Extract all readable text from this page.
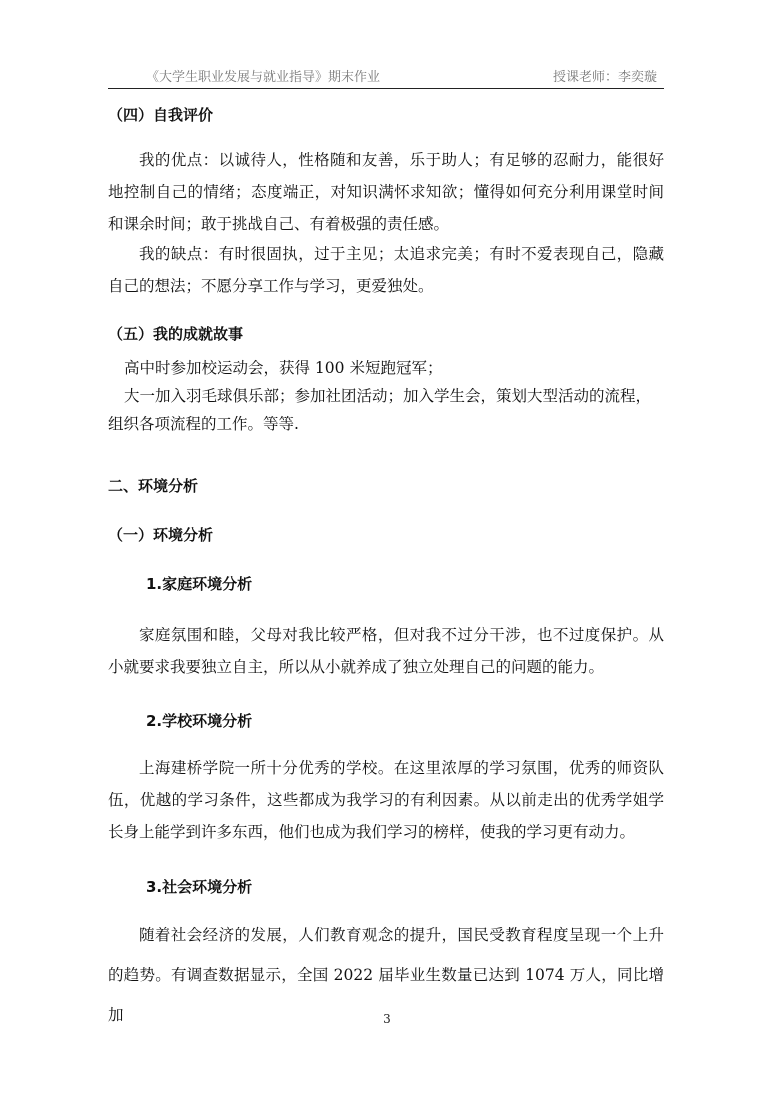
《大学生职业发展与就业指导》期末作业	授课老师：李奕璇
（四）自我评价
我的优点：以诚待人，性格随和友善，乐于助人；有足够的忍耐力，能很好地控制自己的情绪；态度端正，对知识满怀求知欲；懂得如何充分利用课堂时间和课余时间；敢于挑战自己、有着极强的责任感。
我的缺点：有时很固执，过于主见；太追求完美；有时不爱表现自己，隐藏自己的想法；不愿分享工作与学习，更爱独处。
（五）我的成就故事
高中时参加校运动会，获得 100 米短跑冠军；
大一加入羽毛球俱乐部；参加社团活动；加入学生会，策划大型活动的流程，
组织各项流程的工作。等等.
二、环境分析
（一）环境分析
1.家庭环境分析
家庭氛围和睦，父母对我比较严格，但对我不过分干涉，也不过度保护。从小就要求我要独立自主，所以从小就养成了独立处理自己的问题的能力。
2.学校环境分析
上海建桥学院一所十分优秀的学校。在这里浓厚的学习氛围，优秀的师资队伍，优越的学习条件，这些都成为我学习的有利因素。从以前走出的优秀学姐学长身上能学到许多东西，他们也成为我们学习的榜样，使我的学习更有动力。
3.社会环境分析
随着社会经济的发展，人们教育观念的提升，国民受教育程度呈现一个上升的趋势。有调查数据显示，全国 2022 届毕业生数量已达到 1074 万人，同比增加	3
